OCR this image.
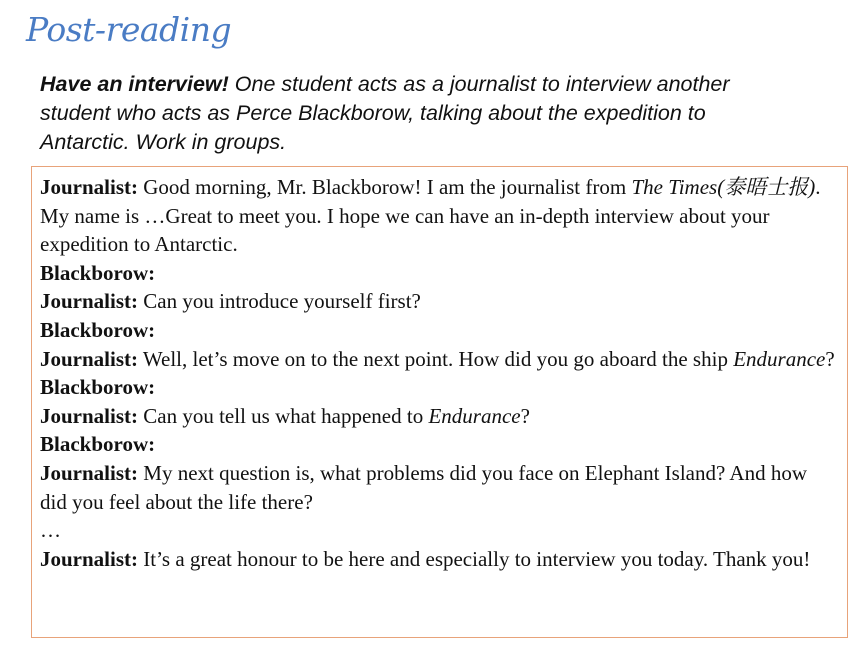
Post-reading
Have an interview! One student acts as a journalist to interview another student who acts as Perce Blackborow, talking about the expedition to Antarctic. Work in groups.

Journalist: Good morning, Mr. Blackborow! I am the journalist from The Times(泰晤士报). My name is …Great to meet you. I hope we can have an in-depth interview about your expedition to Antarctic.

Blackborow:

Journalist: Can you introduce yourself first?

Blackborow:

Journalist: Well, let’s move on to the next point. How did you go aboard the ship Endurance?

Blackborow:

Journalist: Can you tell us what happened to Endurance?

Blackborow:

Journalist: My next question is, what problems did you face on Elephant Island? And how did you feel about the life there?

…

Journalist: It’s a great honour to be here and especially to interview you today. Thank you!
